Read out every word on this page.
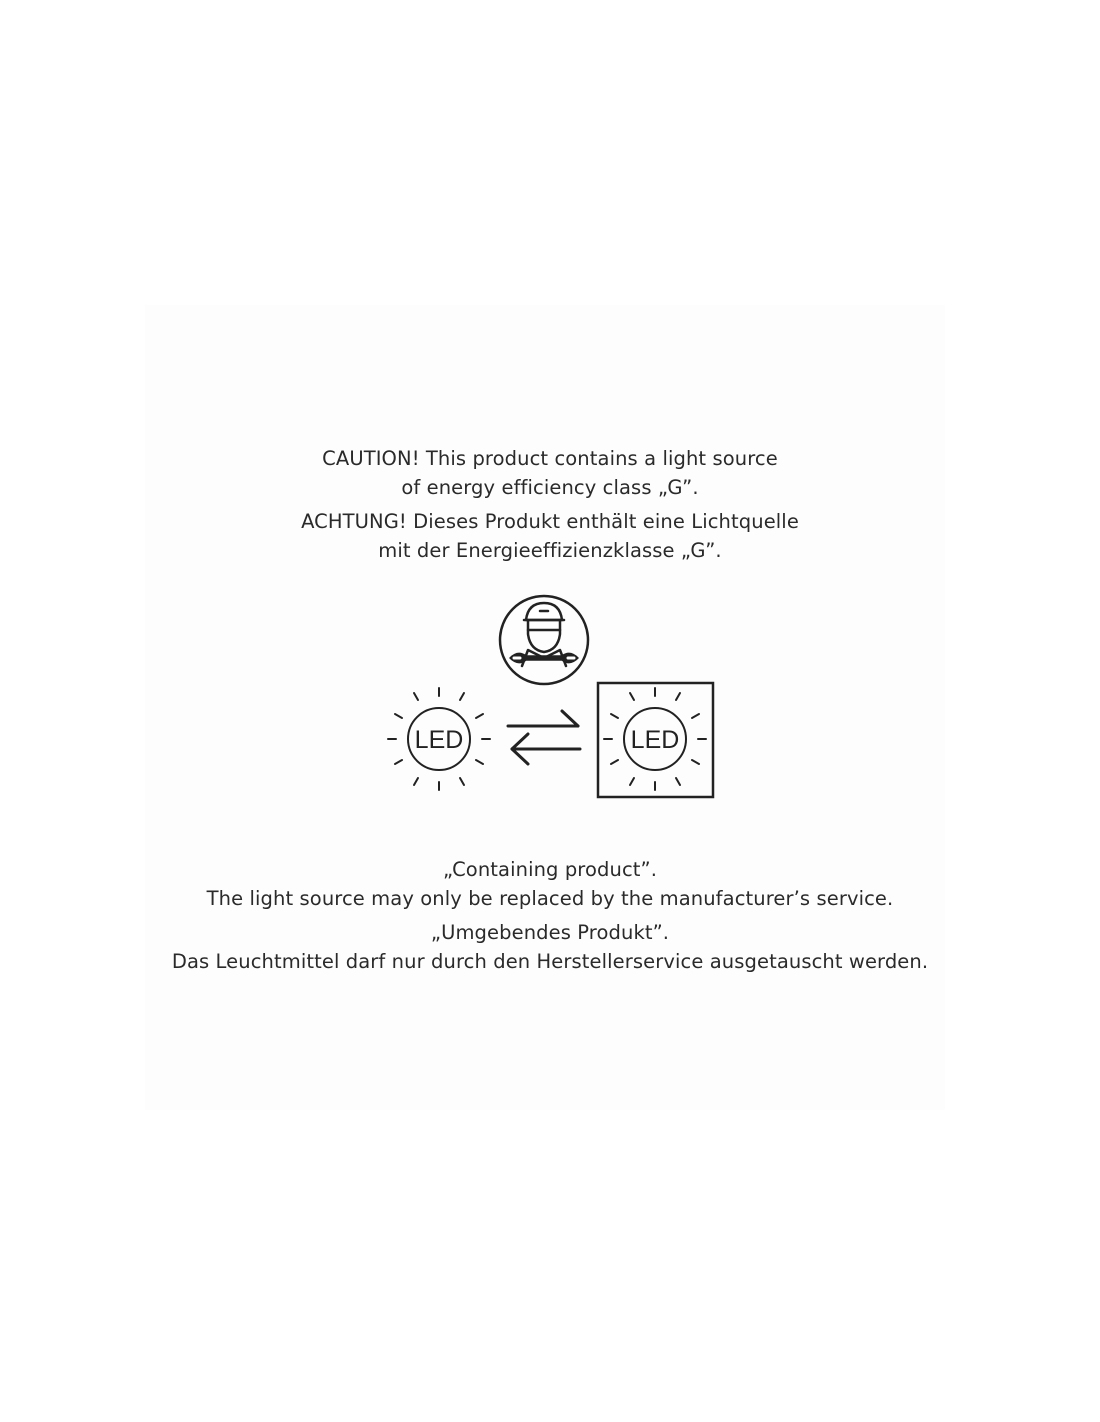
CAUTION! This product contains a light source
of energy efficiency class „G”.
ACHTUNG! Dieses Produkt enthält eine Lichtquelle
mit der Energieeffizienzklasse „G”.
LED	LED
„Containing product”.
The light source may only be replaced by the manufacturer’s service.
„Umgebendes Produkt”.
Das Leuchtmittel darf nur durch den Herstellerservice ausgetauscht werden.
